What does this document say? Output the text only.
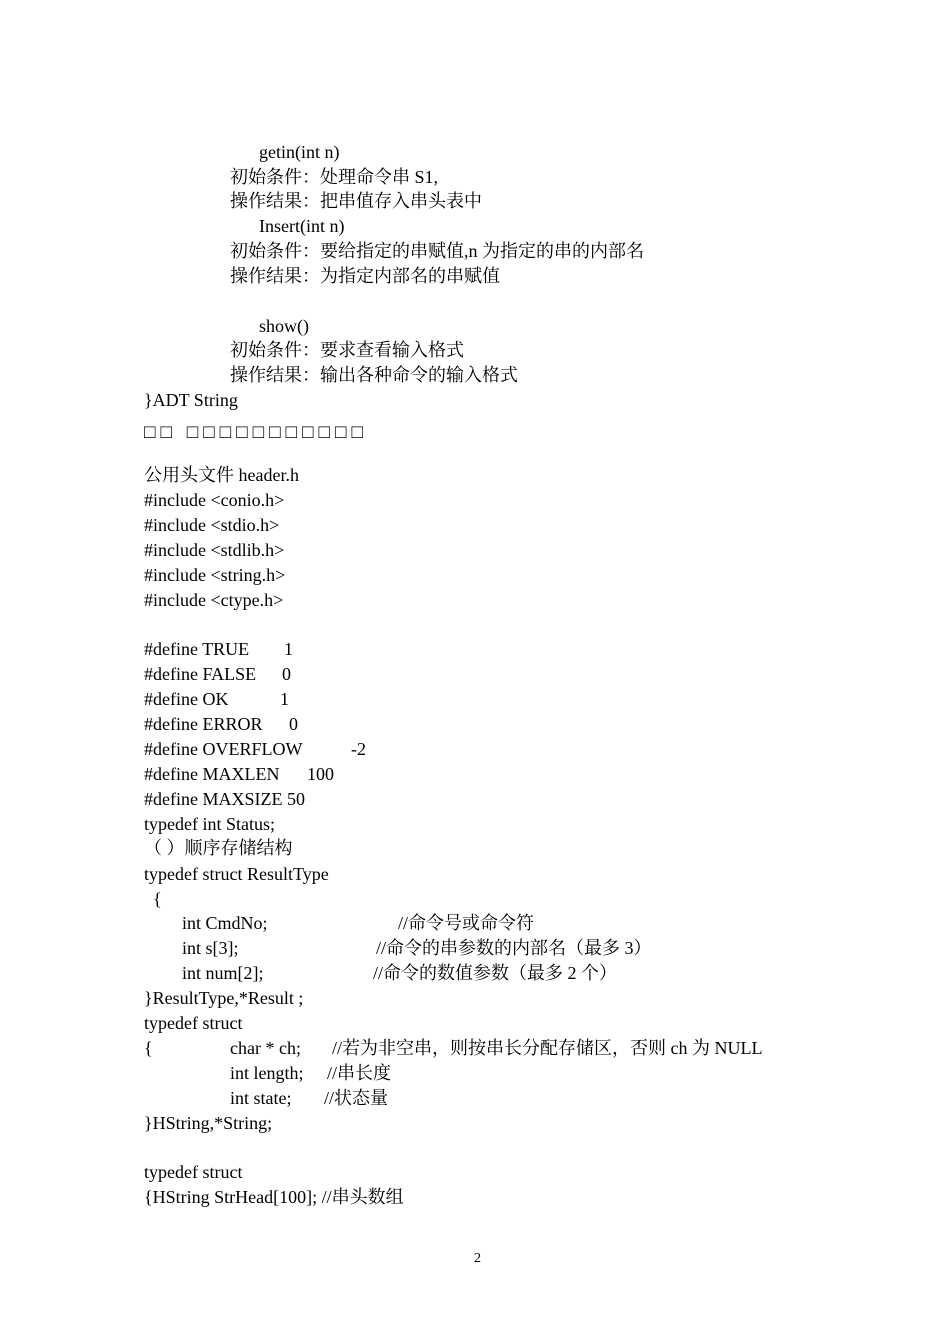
getin(int n)
初始条件：处理命令串 S1,
操作结果：把串值存入串头表中
Insert(int n)
初始条件：要给指定的串赋值,n 为指定的串的内部名
操作结果：为指定内部名的串赋值
show()
初始条件：要求查看输入格式
操作结果：输出各种命令的输入格式
}ADT String
□□ □□□□□□□□□□□
公用头文件 header.h
#include <conio.h>
#include <stdio.h>
#include <stdlib.h>
#include <string.h>
#include <ctype.h>
#define TRUE 1
#define FALSE 0
#define OK	1
#define ERROR 0
#define OVERFLOW	-2
#define MAXLEN 100
#define MAXSIZE 50
typedef int Status;
（ ）顺序存储结构
typedef struct ResultType
{
int CmdNo;	//命令号或命令符
int s[3];	//命令的串参数的内部名（最多 3）
int num[2];	//命令的数值参数（最多 2 个）
}ResultType,*Result ;
typedef struct
{	char * ch; //若为非空串，则按串长分配存储区，否则 ch 为 NULL
int length; //串长度
int state; //状态量
}HString,*String;
typedef struct
{HString StrHead[100]; //串头数组
2
